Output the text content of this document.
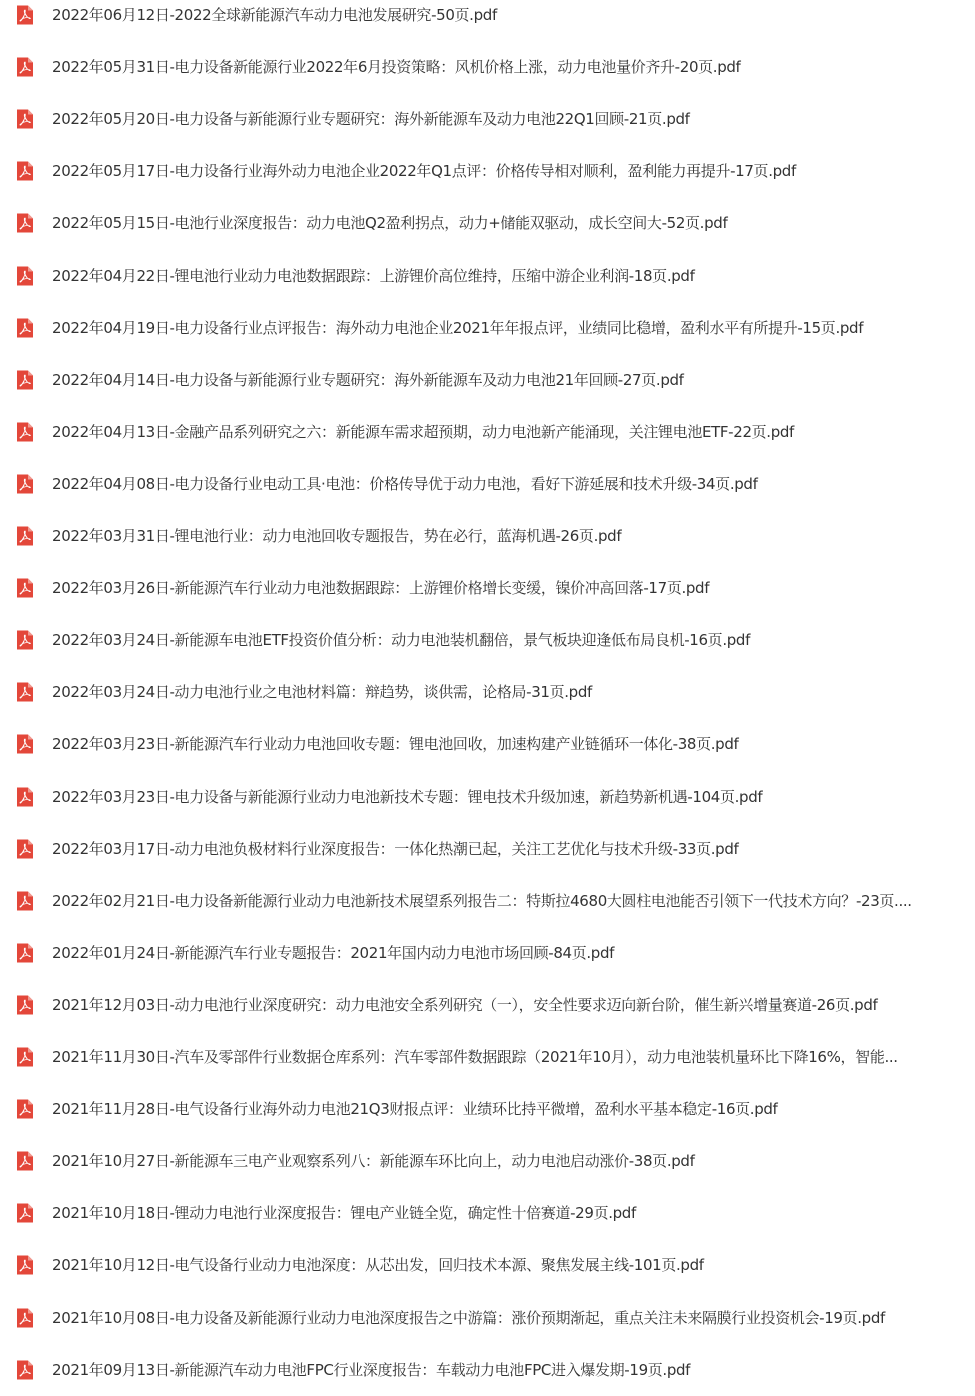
2022年06月12日-2022全球新能源汽车动力电池发展研究-50页.pdf
2022年05月31日-电力设备新能源行业2022年6月投资策略：风机价格上涨，动力电池量价齐升-20页.pdf
2022年05月20日-电力设备与新能源行业专题研究：海外新能源车及动力电池22Q1回顾-21页.pdf
2022年05月17日-电力设备行业海外动力电池企业2022年Q1点评：价格传导相对顺利，盈利能力再提升-17页.pdf
2022年05月15日-电池行业深度报告：动力电池Q2盈利拐点，动力+储能双驱动，成长空间大-52页.pdf
2022年04月22日-锂电池行业动力电池数据跟踪：上游锂价高位维持，压缩中游企业利润-18页.pdf
2022年04月19日-电力设备行业点评报告：海外动力电池企业2021年年报点评，业绩同比稳增，盈利水平有所提升-15页.pdf
2022年04月14日-电力设备与新能源行业专题研究：海外新能源车及动力电池21年回顾-27页.pdf
2022年04月13日-金融产品系列研究之六：新能源车需求超预期，动力电池新产能涌现，关注锂电池ETF-22页.pdf
2022年04月08日-电力设备行业电动工具·电池：价格传导优于动力电池，看好下游延展和技术升级-34页.pdf
2022年03月31日-锂电池行业：动力电池回收专题报告，势在必行，蓝海机遇-26页.pdf
2022年03月26日-新能源汽车行业动力电池数据跟踪：上游锂价格增长变缓，镍价冲高回落-17页.pdf
2022年03月24日-新能源车电池ETF投资价值分析：动力电池装机翻倍，景气板块迎逢低布局良机-16页.pdf
2022年03月24日-动力电池行业之电池材料篇：辩趋势，谈供需，论格局-31页.pdf
2022年03月23日-新能源汽车行业动力电池回收专题：锂电池回收，加速构建产业链循环一体化-38页.pdf
2022年03月23日-电力设备与新能源行业动力电池新技术专题：锂电技术升级加速，新趋势新机遇-104页.pdf
2022年03月17日-动力电池负极材料行业深度报告：一体化热潮已起，关注工艺优化与技术升级-33页.pdf
2022年02月21日-电力设备新能源行业动力电池新技术展望系列报告二：特斯拉4680大圆柱电池能否引领下一代技术方向？-23页....
2022年01月24日-新能源汽车行业专题报告：2021年国内动力电池市场回顾-84页.pdf
2021年12月03日-动力电池行业深度研究：动力电池安全系列研究（一），安全性要求迈向新台阶，催生新兴增量赛道-26页.pdf
2021年11月30日-汽车及零部件行业数据仓库系列：汽车零部件数据跟踪（2021年10月），动力电池装机量环比下降16%，智能...
2021年11月28日-电气设备行业海外动力电池21Q3财报点评：业绩环比持平微增，盈利水平基本稳定-16页.pdf
2021年10月27日-新能源车三电产业观察系列八：新能源车环比向上，动力电池启动涨价-38页.pdf
2021年10月18日-锂动力电池行业深度报告：锂电产业链全览，确定性十倍赛道-29页.pdf
2021年10月12日-电气设备行业动力电池深度：从芯出发，回归技术本源、聚焦发展主线-101页.pdf
2021年10月08日-电力设备及新能源行业动力电池深度报告之中游篇：涨价预期渐起，重点关注未来隔膜行业投资机会-19页.pdf
2021年09月13日-新能源汽车动力电池FPC行业深度报告：车载动力电池FPC进入爆发期-19页.pdf
